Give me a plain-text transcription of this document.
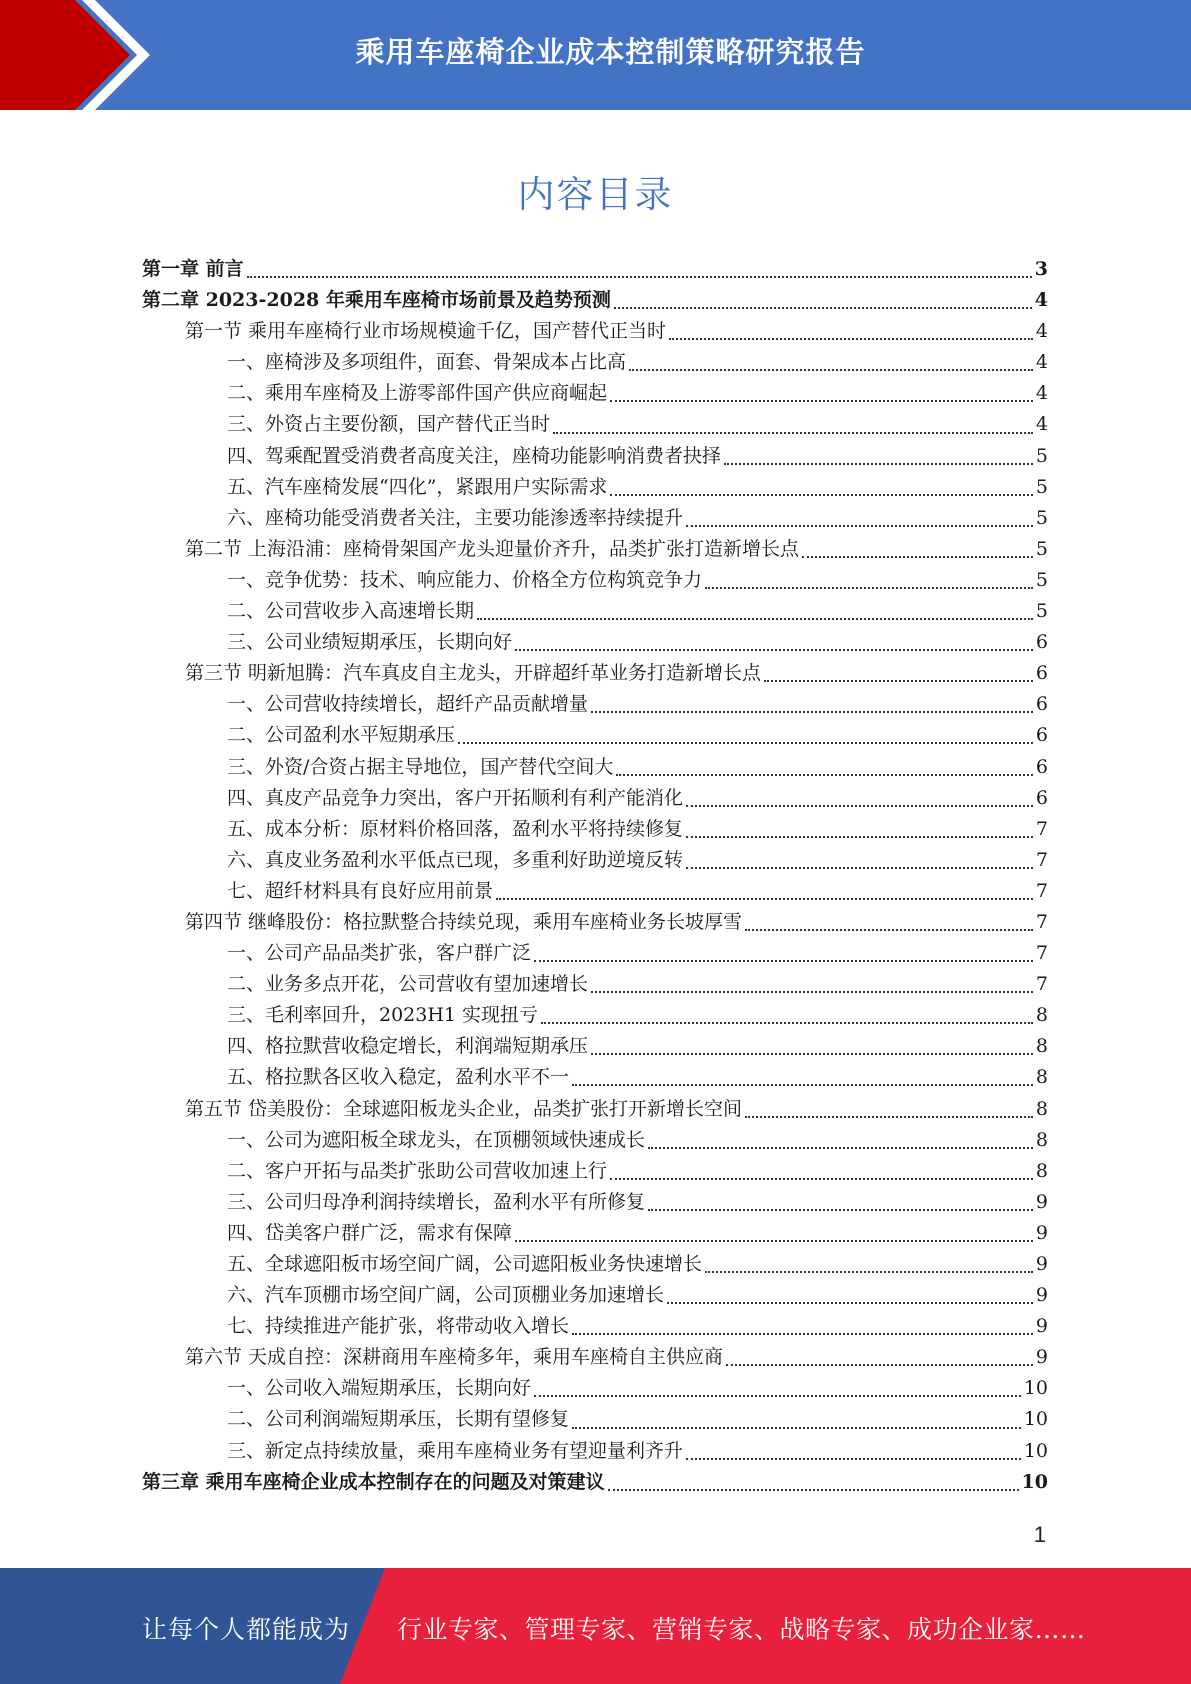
乘用车座椅企业成本控制策略研究报告
内容目录
第一章 前言	3
第二章 2023-2028 年乘用车座椅市场前景及趋势预测	4
第一节 乘用车座椅行业市场规模逾千亿，国产替代正当时	4
一、座椅涉及多项组件，面套、骨架成本占比高	4
二、乘用车座椅及上游零部件国产供应商崛起	4
三、外资占主要份额，国产替代正当时	4
四、驾乘配置受消费者高度关注，座椅功能影响消费者抉择	5
五、汽车座椅发展“四化”，紧跟用户实际需求	5
六、座椅功能受消费者关注，主要功能渗透率持续提升	5
第二节 上海沿浦：座椅骨架国产龙头迎量价齐升，品类扩张打造新增长点	5
一、竞争优势：技术、响应能力、价格全方位构筑竞争力	5
二、公司营收步入高速增长期	5
三、公司业绩短期承压，长期向好	6
第三节 明新旭腾：汽车真皮自主龙头，开辟超纤革业务打造新增长点	6
一、公司营收持续增长，超纤产品贡献增量	6
二、公司盈利水平短期承压	6
三、外资/合资占据主导地位，国产替代空间大	6
四、真皮产品竞争力突出，客户开拓顺利有利产能消化	6
五、成本分析：原材料价格回落，盈利水平将持续修复	7
六、真皮业务盈利水平低点已现，多重利好助逆境反转	7
七、超纤材料具有良好应用前景	7
第四节 继峰股份：格拉默整合持续兑现，乘用车座椅业务长坡厚雪	7
一、公司产品品类扩张，客户群广泛	7
二、业务多点开花，公司营收有望加速增长	7
三、毛利率回升，2023H1 实现扭亏	8
四、格拉默营收稳定增长，利润端短期承压	8
五、格拉默各区收入稳定，盈利水平不一	8
第五节 岱美股份：全球遮阳板龙头企业，品类扩张打开新增长空间	8
一、公司为遮阳板全球龙头，在顶棚领域快速成长	8
二、客户开拓与品类扩张助公司营收加速上行	8
三、公司归母净利润持续增长，盈利水平有所修复	9
四、岱美客户群广泛，需求有保障	9
五、全球遮阳板市场空间广阔，公司遮阳板业务快速增长	9
六、汽车顶棚市场空间广阔，公司顶棚业务加速增长	9
七、持续推进产能扩张，将带动收入增长	9
第六节 天成自控：深耕商用车座椅多年，乘用车座椅自主供应商	9
一、公司收入端短期承压，长期向好	10
二、公司利润端短期承压，长期有望修复	10
三、新定点持续放量，乘用车座椅业务有望迎量利齐升	10
第三章 乘用车座椅企业成本控制存在的问题及对策建议	10
1
让每个人都能成为 行业专家、管理专家、营销专家、战略专家、成功企业家……
